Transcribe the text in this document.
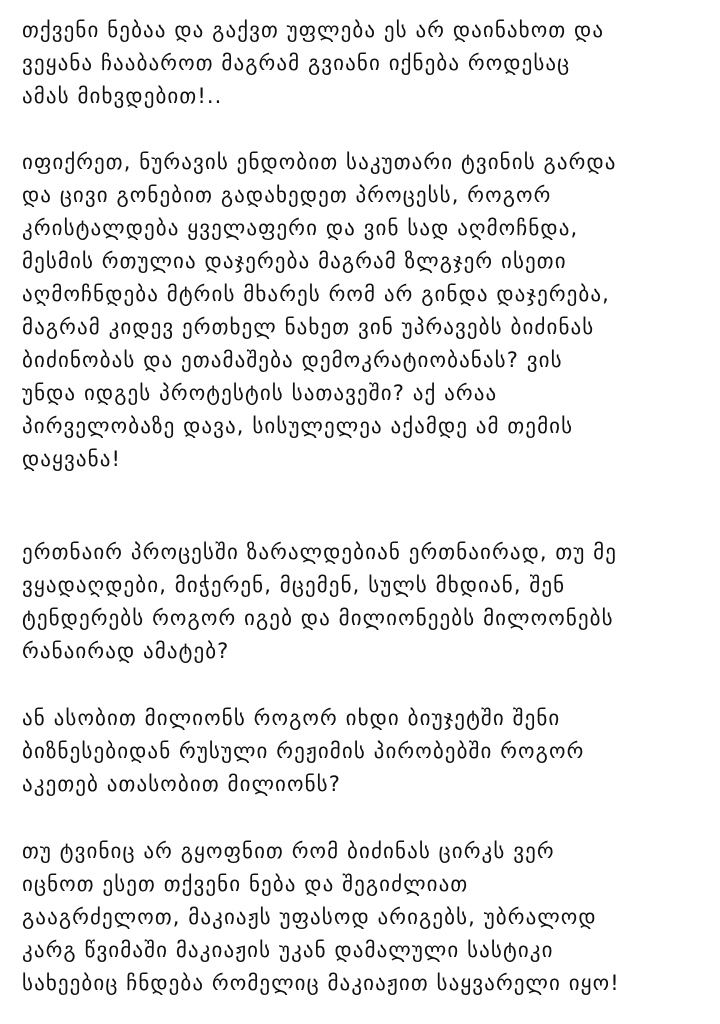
თქვენი ნებაა და გაქვთ უფლება ეს არ დაინახოთ და
ვეყანა ჩააბაროთ მაგრამ გვიანი იქნება როდესაც
ამას მიხვდებით!..

იფიქრეთ, ნურავის ენდობით საკუთარი ტვინის გარდა
და ცივი გონებით გადახედეთ პროცესს, როგორ
კრისტალდება ყველაფერი და ვინ სად აღმოჩნდა,
მესმის რთულია დაჯერება მაგრამ ზლგჯერ ისეთი
აღმოჩნდება მტრის მხარეს რომ არ გინდა დაჯერება,
მაგრამ კიდევ ერთხელ ნახეთ ვინ უპრავებს ბიძინას
ბიძინობას და ეთამაშება დემოკრატიობანას? ვის
უნდა იდგეს პროტესტის სათავეში? აქ არაა
პირველობაზე დავა, სისულელეა აქამდე ამ თემის
დაყვანა!

ერთნაირ პროცესში ზარალდებიან ერთნაირად, თუ მე
ვყადაღდები, მიჭერენ, მცემენ, სულს მხდიან, შენ
ტენდერებს როგორ იგებ და მილიონეებს მილოონებს
რანაირად ამატებ?

ან ასობით მილიონს როგორ იხდი ბიუჯეტში შენი
ბიზნესებიდან რუსული რეჟიმის პირობებში როგორ
აკეთებ ათასობით მილიონს?

თუ ტვინიც არ გყოფნით რომ ბიძინას ცირკს ვერ
იცნოთ ესეთ თქვენი ნება და შეგიძლიათ
გააგრძელოთ, მაკიაჟს უფასოდ არიგებს, უბრალოდ
კარგ წვიმაში მაკიაჟის უკან დამალული სასტიკი
სახეებიც ჩნდება რომელიც მაკიაჟით საყვარელი იყო!
